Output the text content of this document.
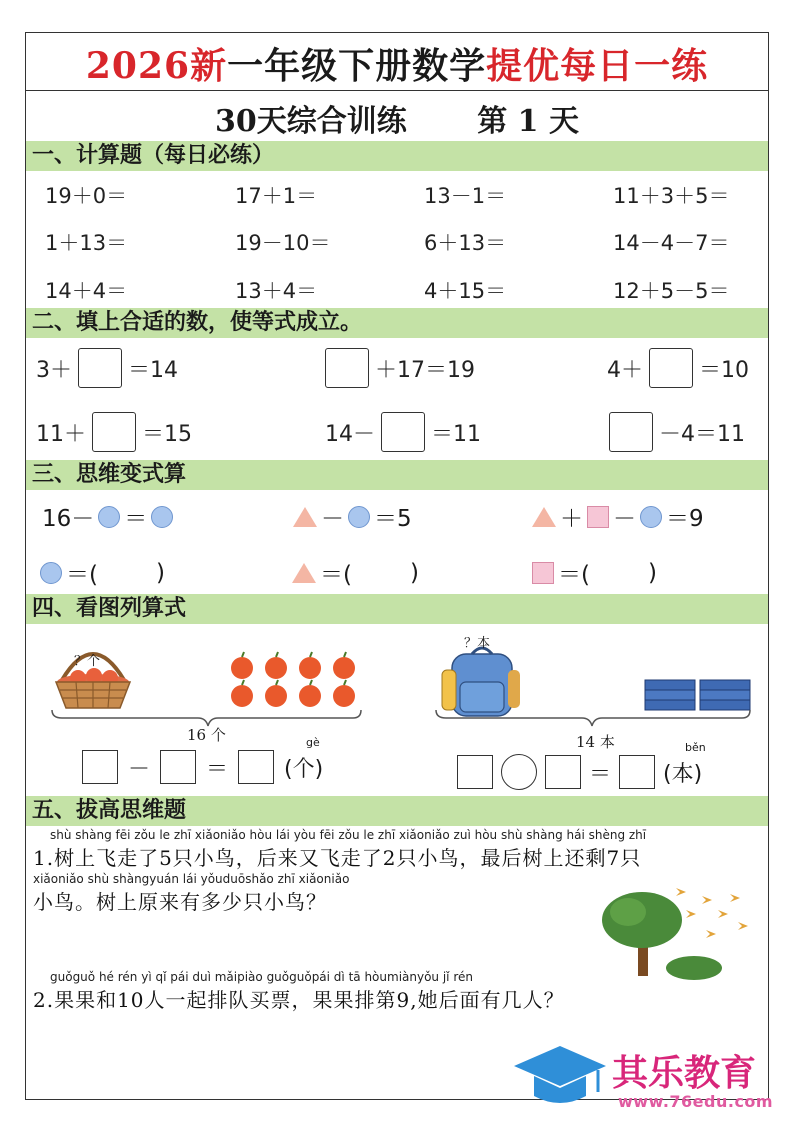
2026新一年级下册数学提优每日一练
30天综合训练 第 1 天
一、计算题（每日必练）
19＋0＝	17＋1＝	13－1＝	11＋3＋5＝
1＋13＝	19－10＝	6＋13＝	14－4－7＝
14＋4＝	13＋4＝	4＋15＝	12＋5－5＝
二、填上合适的数，使等式成立。
3＋	＝14	＋17＝19	4＋	＝10
11＋	＝15	14－	＝11	－4＝11
三、思维变式算
16－ ＝	－ ＝5	＋ － ＝9
＝(	)	＝(	)	＝(	)
四、看图列算式
？个
16 个
－	＝
gè
(个)
？本
14 本
＝
běn
(本)
五、拔高思维题
shù shàng fēi zǒu le zhī xiǎoniǎo hòu lái yòu fēi zǒu le zhī xiǎoniǎo zuì hòu shù shàng hái shèng zhī
1.树上飞走了5只小鸟，后来又飞走了2只小鸟，最后树上还剩7只
xiǎoniǎo shù shàngyuán lái yǒuduōshǎo zhī xiǎoniǎo
小鸟。树上原来有多少只小鸟？
guǒguǒ hé rén yì qǐ pái duì mǎipiào guǒguǒpái dì tā hòumiànyǒu jǐ rén
2.果果和10人一起排队买票，果果排第9,她后面有几人？
其乐教育
www.76edu.com
